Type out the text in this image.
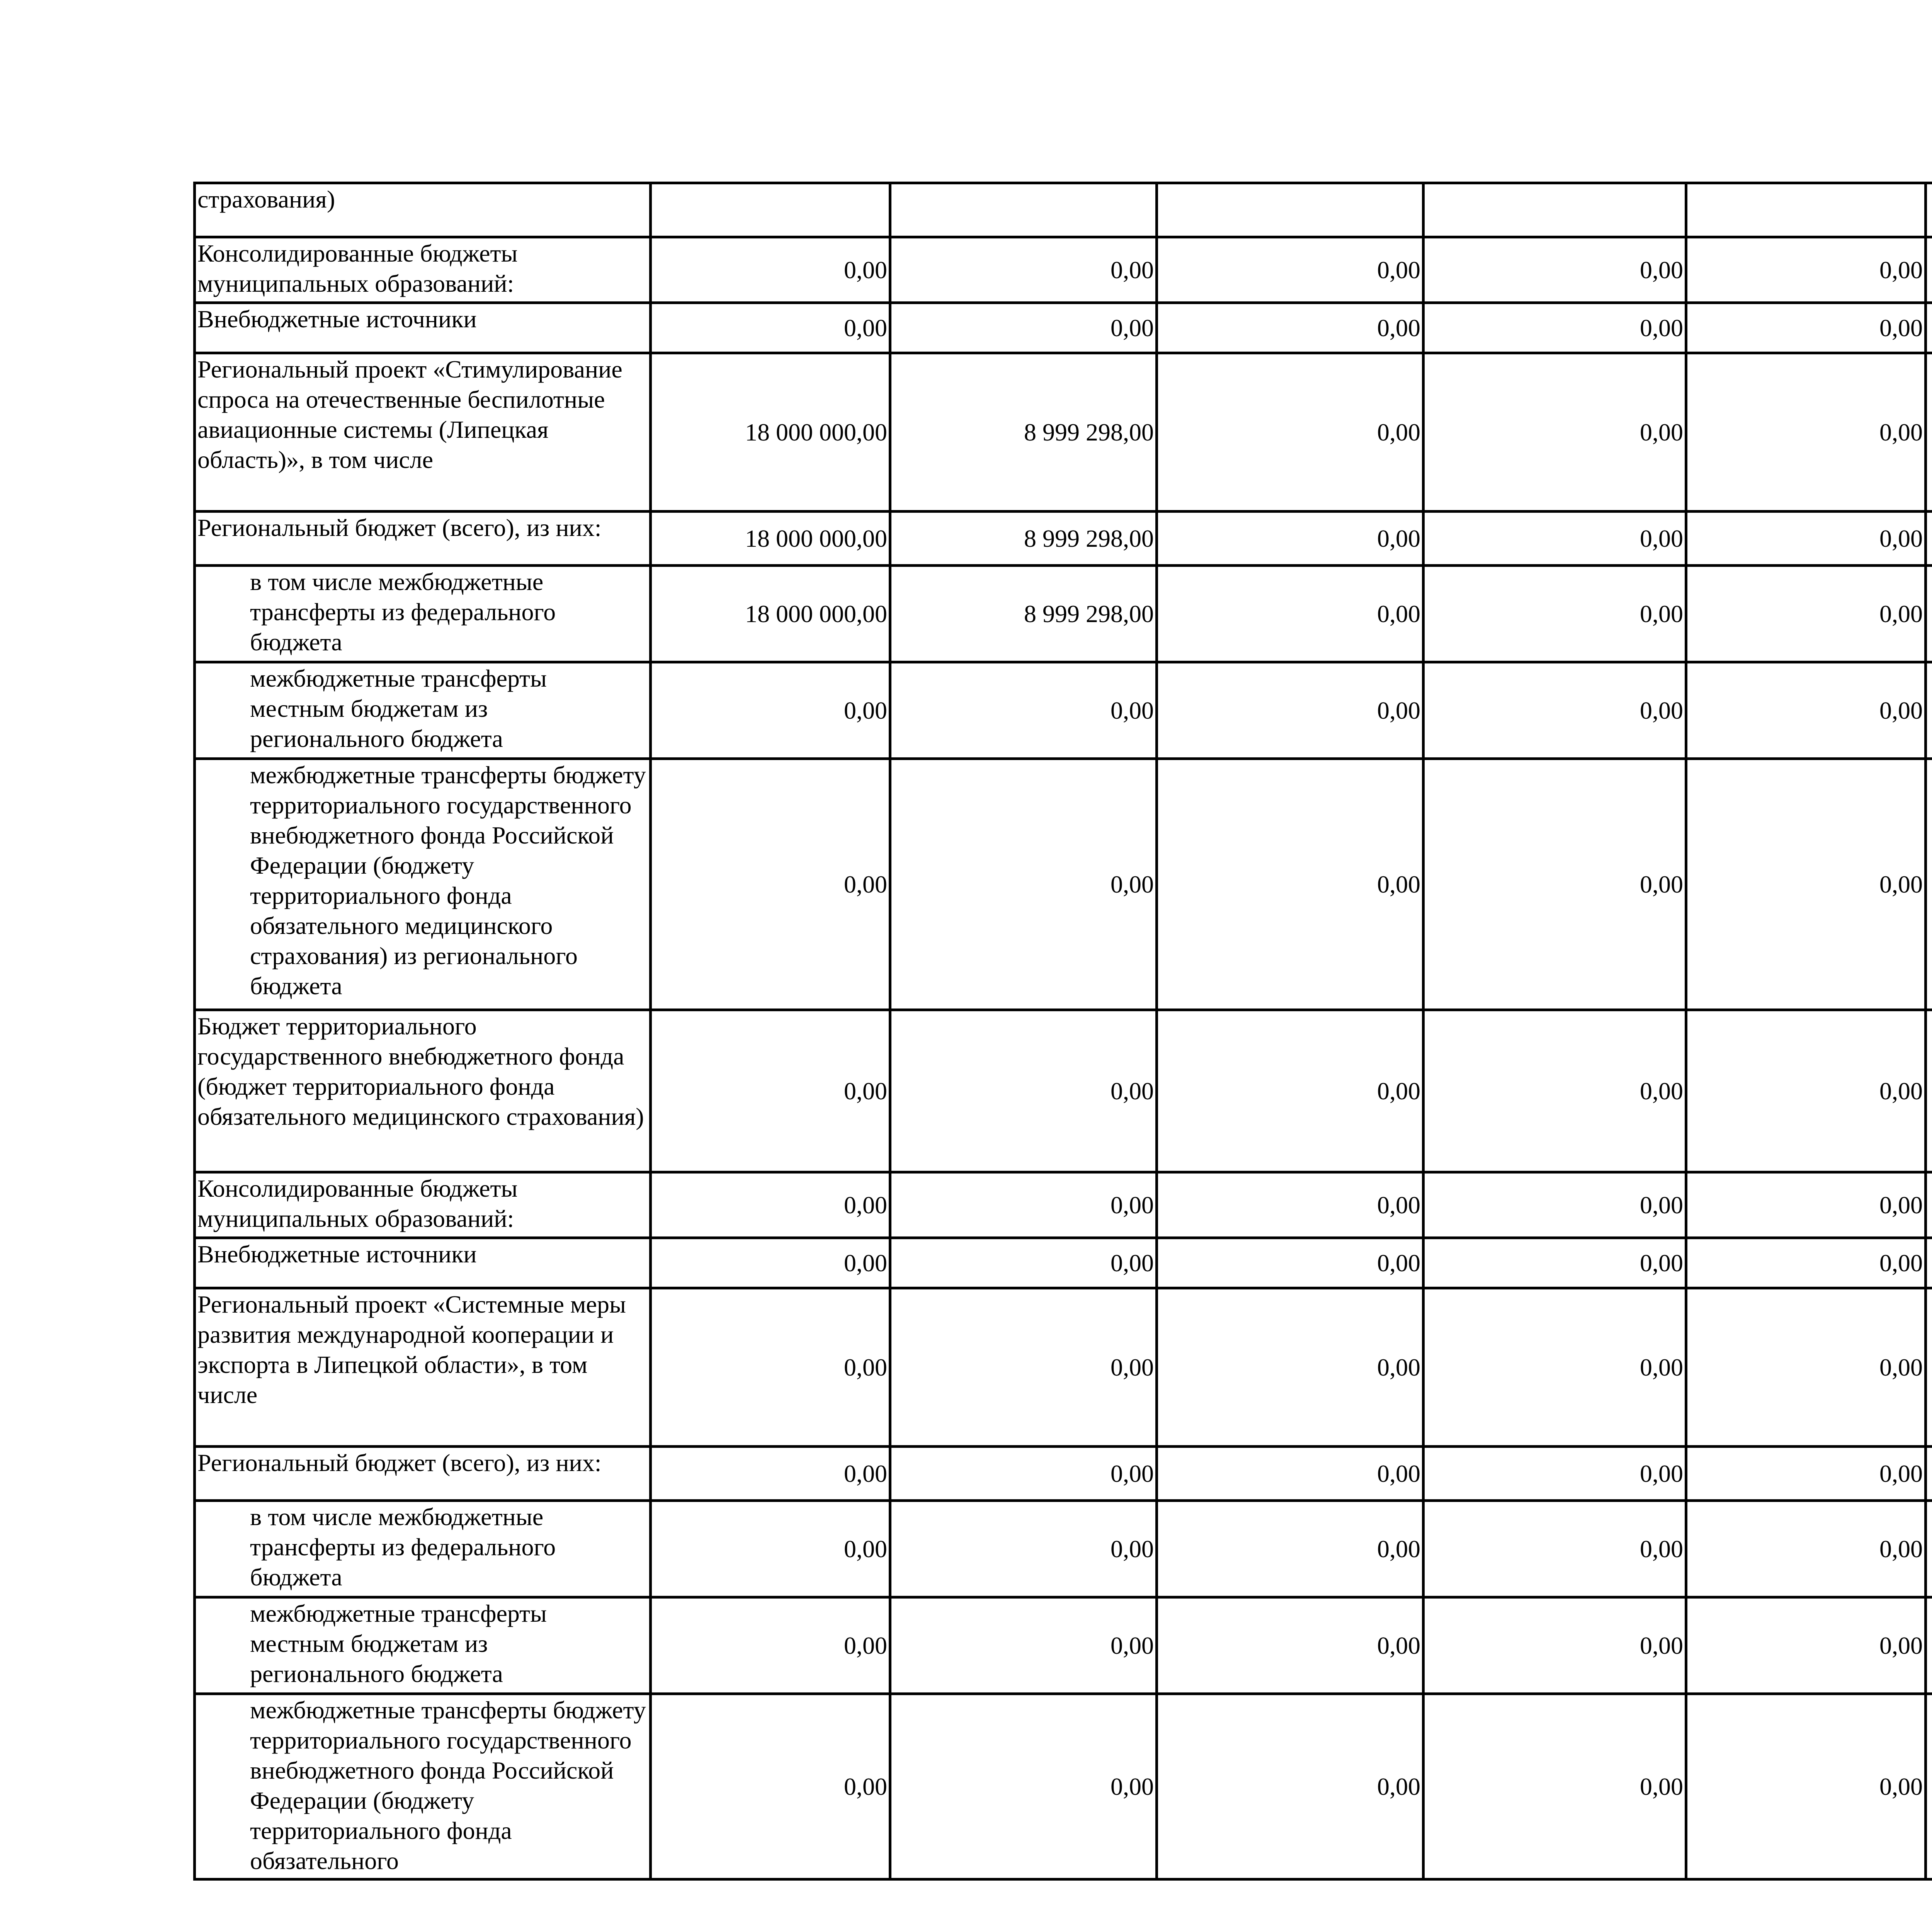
страхования)								
Консолидированные бюджеты муниципальных образований:	0,00	0,00	0,00	0,00	0,00			
Внебюджетные источники	0,00	0,00	0,00	0,00	0,00			
Региональный проект «Стимулирование спроса на отечественные беспилотные авиационные системы (Липецкая область)», в том числе	18 000 000,00	8 999 298,00	0,00	0,00	0,00			
Региональный бюджет (всего), из них:	18 000 000,00	8 999 298,00	0,00	0,00	0,00			
в том числе межбюджетные трансферты из федерального бюджета	18 000 000,00	8 999 298,00	0,00	0,00	0,00			
межбюджетные трансферты местным бюджетам из регионального бюджета	0,00	0,00	0,00	0,00	0,00			
межбюджетные трансферты бюджету территориального государственного внебюджетного фонда Российской Федерации (бюджету территориального фонда обязательного медицинского страхования) из регионального бюджета	0,00	0,00	0,00	0,00	0,00			
Бюджет территориального государственного внебюджетного фонда (бюджет территориального фонда обязательного медицинского страхования)	0,00	0,00	0,00	0,00	0,00			
Консолидированные бюджеты муниципальных образований:	0,00	0,00	0,00	0,00	0,00			
Внебюджетные источники	0,00	0,00	0,00	0,00	0,00			
Региональный проект «Системные меры развития международной кооперации и экспорта в Липецкой области», в том числе	0,00	0,00	0,00	0,00	0,00			
Региональный бюджет (всего), из них:	0,00	0,00	0,00	0,00	0,00			
в том числе межбюджетные трансферты из федерального бюджета	0,00	0,00	0,00	0,00	0,00			
межбюджетные трансферты местным бюджетам из регионального бюджета	0,00	0,00	0,00	0,00	0,00			
межбюджетные трансферты бюджету территориального государственного внебюджетного фонда Российской Федерации (бюджету территориального фонда обязательного	0,00	0,00	0,00	0,00	0,00			
